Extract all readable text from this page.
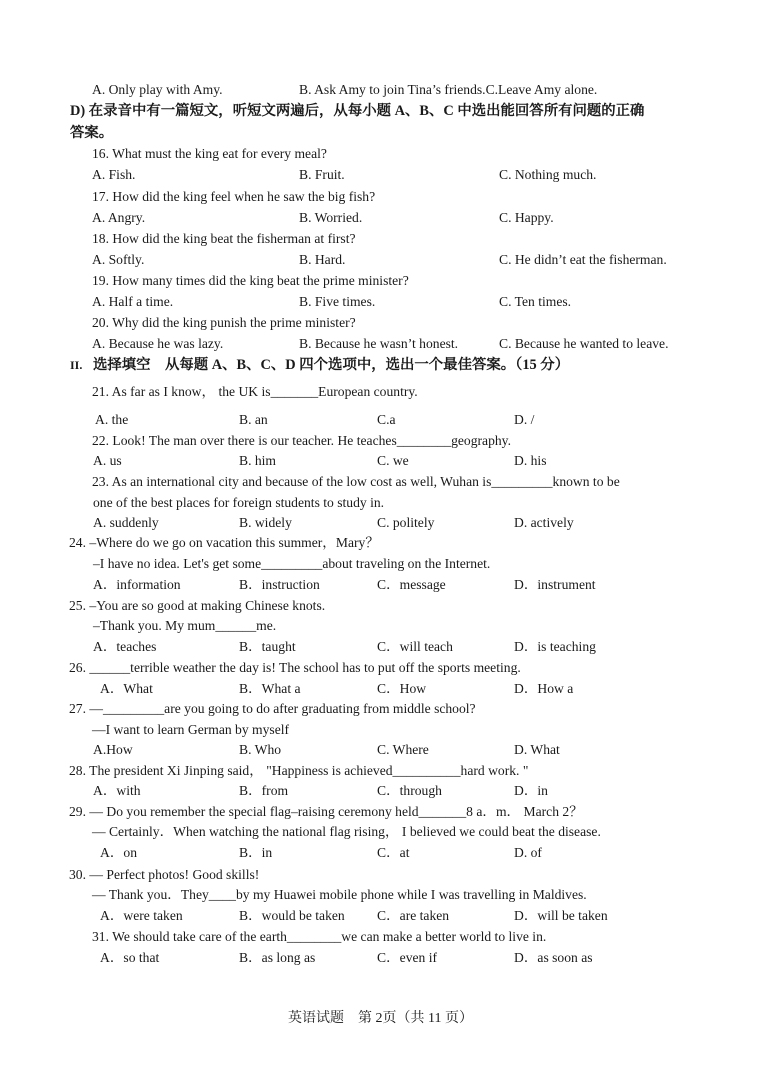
A. Only play with Amy.	B. Ask Amy to join Tina’s friends.C.Leave Amy alone.
D) 在录音中有一篇短文，听短文两遍后，从每小题 A、B、C 中选出能回答所有问题的正确
答案。
16. What must the king eat for every meal?
A. Fish.	B. Fruit.	C. Nothing much.
17. How did the king feel when he saw the big fish?
A. Angry.	B. Worried.	C. Happy.
18. How did the king beat the fisherman at first?
A. Softly.	B. Hard.	C. He didn’t eat the fisherman.
19. How many times did the king beat the prime minister?
A. Half a time.	B. Five times.	C. Ten times.
20. Why did the king punish the prime minister?
A. Because he was lazy.	B. Because he wasn’t honest.	C. Because he wanted to leave.
II. 选择填空　从每题 A、B、C、D 四个选项中，选出一个最佳答案。（15 分）
21. As far as I know， the UK is_______European country.
A. the	B. an	C.a	D. /
22. Look! The man over there is our teacher. He teaches________geography.
A. us	B. him	C. we	D. his
23. As an international city and because of the low cost as well, Wuhan is_________known to be
one of the best places for foreign students to study in.
A. suddenly	B. widely	C. politely	D. actively
24. –Where do we go on vacation this summer，Mary？
–I have no idea. Let's get some_________about traveling on the Internet.
A．information	B．instruction	C．message	D．instrument
25. –You are so good at making Chinese knots.
–Thank you. My mum______me.
A．teaches	B．taught	C．will teach	D．is teaching
26. ______terrible weather the day is! The school has to put off the sports meeting.
A．What	B．What a	C．How	D．How a
27. —_________are you going to do after graduating from middle school?
—I want to learn German by myself
A.How	B. Who	C. Where	D. What
28. The president Xi Jinping said， "Happiness is achieved__________hard work. "
A．with	B．from	C．through	D．in
29. — Do you remember the special flag–raising ceremony held_______8 a．m． March 2？
— Certainly．When watching the national flag rising， I believed we could beat the disease.
A．on	B．in	C．at	D. of
30. — Perfect photos! Good skills!
— Thank you．They____by my Huawei mobile phone while I was travelling in Maldives.
A．were taken	B．would be taken C．are taken	D．will be taken
31. We should take care of the earth________we can make a better world to live in.
A．so that	B．as long as	C．even if	D．as soon as
英语试题　第 2页（共 11 页）
